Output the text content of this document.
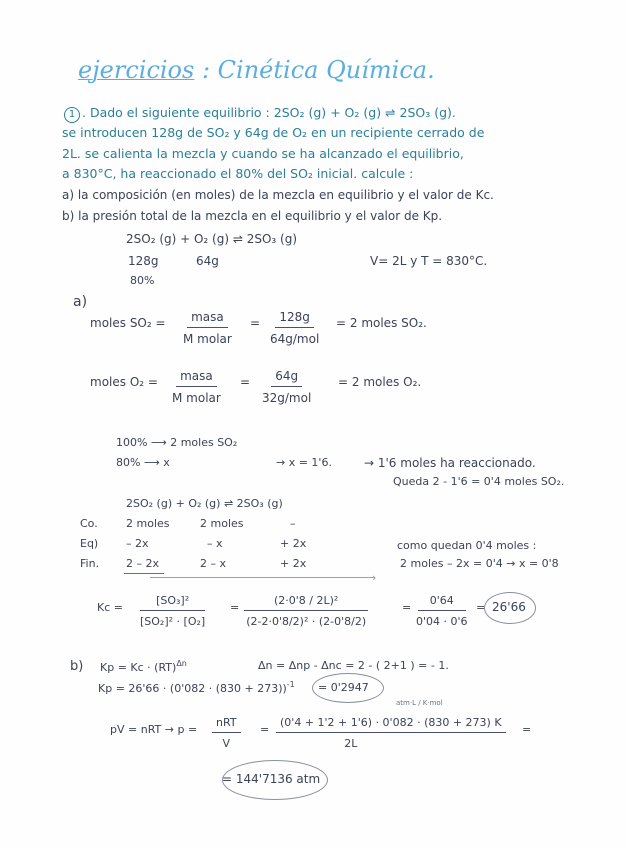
ejercicios : Cinética Química.
1 . Dado el siguiente equilibrio : 2SO₂ (g) + O₂ (g) ⇌ 2SO₃ (g).
se introducen 128g de SO₂ y 64g de O₂ en un recipiente cerrado de
2L. se calienta la mezcla y cuando se ha alcanzado el equilibrio,
a 830°C, ha reaccionado el 80% del SO₂ inicial. calcule :
a) la composición (en moles) de la mezcla en equilibrio y el valor de Kc.
b) la presión total de la mezcla en el equilibrio y el valor de Kp.
2SO₂ (g) + O₂ (g) ⇌ 2SO₃ (g)
128g	64g	V= 2L y T = 830°C.
80%
a)
moles SO₂ =	masa
M molar
=	128g
64g/mol
= 2 moles SO₂.
moles O₂ =	masa
M molar
=	64g
32g/mol
= 2 moles O₂.
100% ⟶ 2 moles SO₂
80% ⟶ x	→ x = 1'6.	→ 1'6 moles ha reaccionado.
Queda 2 - 1'6 = 0'4 moles SO₂.
2SO₂ (g) + O₂ (g) ⇌ 2SO₃ (g)
Co.	2 moles	2 moles	–
Eq)	– 2x	– x	+ 2x
Fin. 2 – 2x	2 – x	+ 2x
›
como quedan 0'4 moles :
2 moles – 2x = 0'4 → x = 0'8
$Kc = \frac{\text{[SO₃]²}}{\text{[SO₂]² · [O₂]}} = \frac{\text{(2·0'8 / 2L)²}}{\text{(2-2·0'8/2)² · (2-0'8/2)}}$	= $\frac{0'64}{0'04 \cdot 0'6} = 26'66$
b) Kp = Kc · (RT)$^{\Delta n}$	Δn = Δnp - Δnc = 2 - ( 2+1 ) = - 1.
$Kp = 26'66 \cdot (0'082 \cdot (830 + 273))^{-1} = 0'2947$
pV = nRT → p =
nRT
V
=
atm·L / K·mol
$\frac{(0'4 + 1'2 + 1'6) \cdot 0'082 \cdot (830 + 273) K}{2L}$ =
= 144'7136 atm
